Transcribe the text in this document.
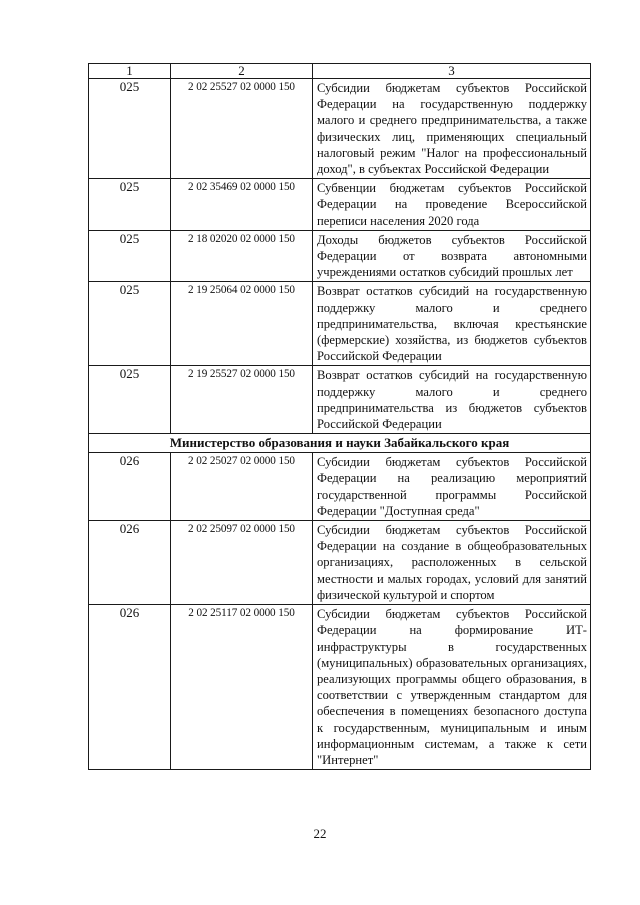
1	2	3
025	2 02 25527 02 0000 150	Субсидии бюджетам субъектов Российской Федерации на государственную поддержку малого и среднего предпринимательства, а также физических лиц, применяющих специальный налоговый режим "Налог на профессиональный доход", в субъектах Российской Федерации
025	2 02 35469 02 0000 150	Субвенции бюджетам субъектов Российской Федерации на проведение Всероссийской переписи населения 2020 года
025	2 18 02020 02 0000 150	Доходы бюджетов субъектов Российской Федерации от возврата автономными учреждениями остатков субсидий прошлых лет
025	2 19 25064 02 0000 150	Возврат остатков субсидий на государственную поддержку малого и среднего предпринимательства, включая крестьянские (фермерские) хозяйства, из бюджетов субъектов Российской Федерации
025	2 19 25527 02 0000 150	Возврат остатков субсидий на государственную поддержку малого и среднего предпринимательства из бюджетов субъектов Российской Федерации
Министерство образования и науки Забайкальского края		
026	2 02 25027 02 0000 150	Субсидии бюджетам субъектов Российской Федерации на реализацию мероприятий государственной программы Российской Федерации "Доступная среда"
026	2 02 25097 02 0000 150	Субсидии бюджетам субъектов Российской Федерации на создание в общеобразовательных организациях, расположенных в сельской местности и малых городах, условий для занятий физической культурой и спортом
026	2 02 25117 02 0000 150	Субсидии бюджетам субъектов Российской Федерации на формирование ИТ-инфраструктуры в государственных (муниципальных) образовательных организациях, реализующих программы общего образования, в соответствии с утвержденным стандартом для обеспечения в помещениях безопасного доступа к государственным, муниципальным и иным информационным системам, а также к сети "Интернет"
22
